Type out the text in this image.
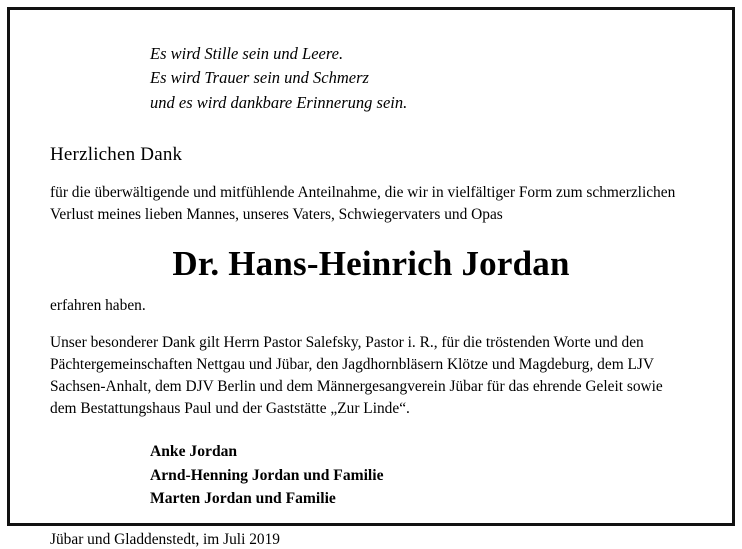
Es wird Stille sein und Leere.
Es wird Trauer sein und Schmerz
und es wird dankbare Erinnerung sein.
Herzlichen Dank
für die überwältigende und mitfühlende Anteilnahme, die wir in vielfältiger Form zum schmerzlichen Verlust meines lieben Mannes, unseres Vaters, Schwiegervaters und Opas
Dr. Hans-Heinrich Jordan
erfahren haben.
Unser besonderer Dank gilt Herrn Pastor Salefsky, Pastor i. R., für die tröstenden Worte und den Pächtergemeinschaften Nettgau und Jübar, den Jagdhornbläsern Klötze und Magdeburg, dem LJV Sachsen-Anhalt, dem DJV Berlin und dem Männergesangverein Jübar für das ehrende Geleit sowie dem Bestattungshaus Paul und der Gaststätte „Zur Linde“.
Anke Jordan
Arnd-Henning Jordan und Familie
Marten Jordan und Familie
Jübar und Gladdenstedt, im Juli 2019
